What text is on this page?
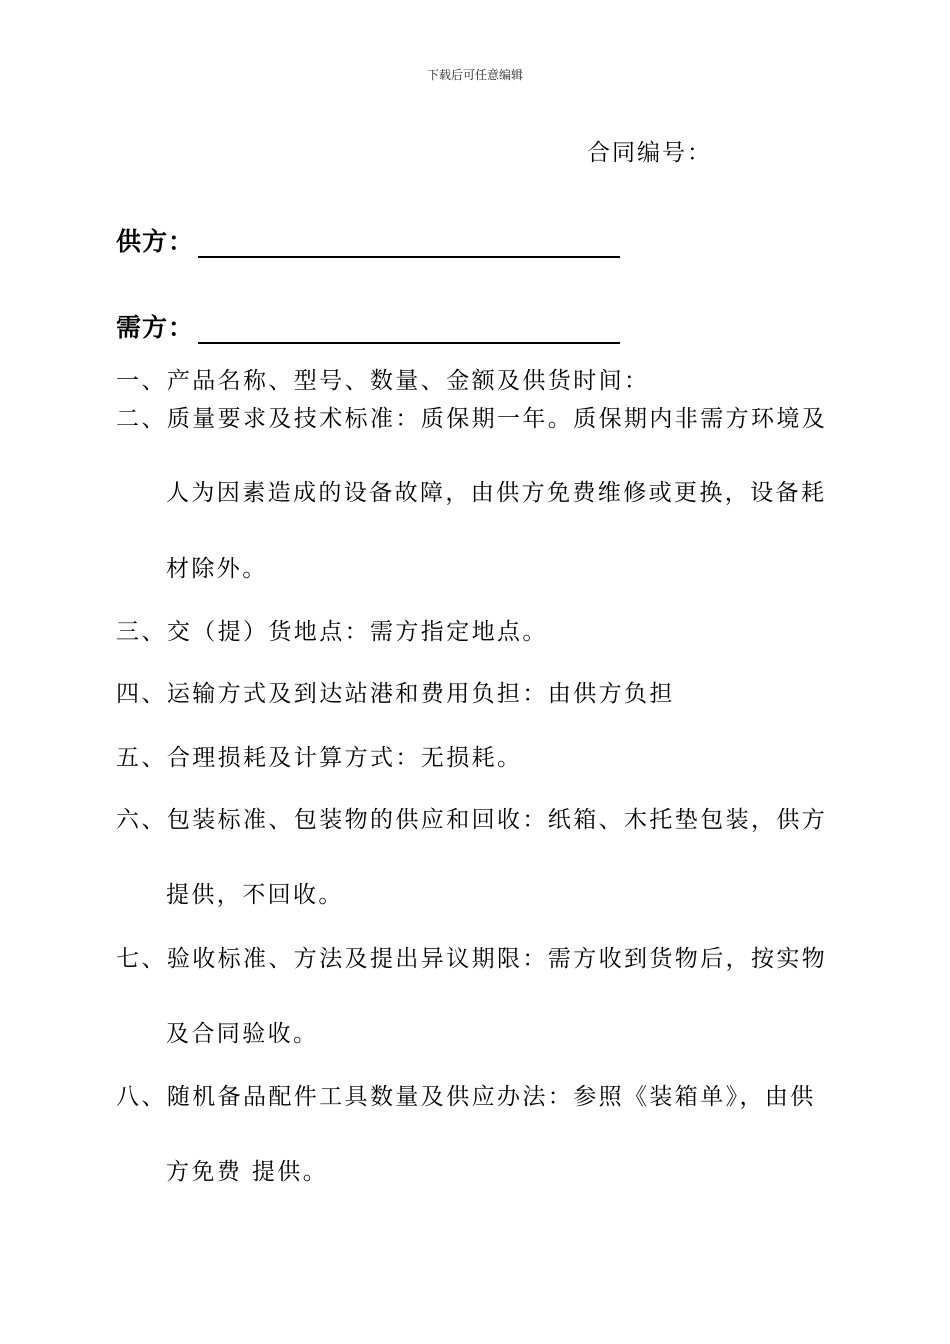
下载后可任意编辑
合同编号：
供方：
需方：
一、产品名称、型号、数量、金额及供货时间：
二、质量要求及技术标准：质保期一年。质保期内非需方环境及
人为因素造成的设备故障，由供方免费维修或更换，设备耗
材除外。
三、交（提）货地点：需方指定地点。
四、运输方式及到达站港和费用负担：由供方负担
五、合理损耗及计算方式：无损耗。
六、包装标准、包装物的供应和回收：纸箱、木托垫包装，供方
提供，不回收。
七、验收标准、方法及提出异议期限：需方收到货物后，按实物
及合同验收。
八、随机备品配件工具数量及供应办法：参照《装箱单》，由供
方免费 提供。
